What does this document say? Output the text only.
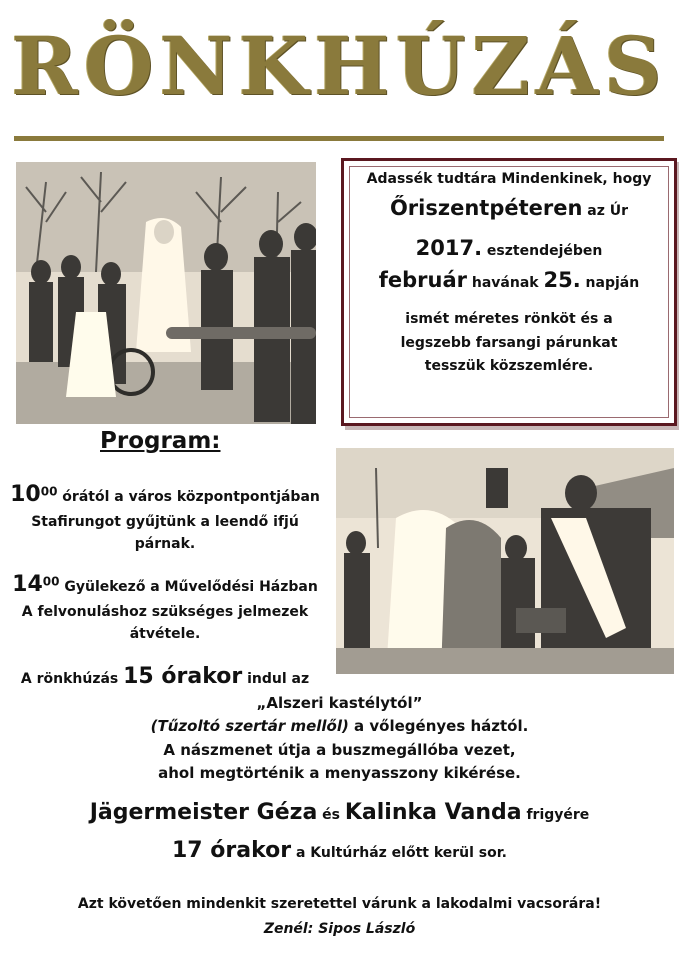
RÖNKHÚZÁS
Adassék tudtára Mindenkinek, hogy
Őriszentpéteren az Úr
2017. esztendejében
február havának 25. napján
ismét méretes rönköt és a
legszebb farsangi párunkat
tesszük közszemlére.
Program:
$10^{00}$ órától a város központpontjában
Stafirungot gyűjtünk a leendő ifjú
párnak.
$14^{00}$ Gyülekező a Művelődési Házban
A felvonuláshoz szükséges jelmezek
átvétele.
A rönkhúzás 15 órakor indul az
„Alszeri kastélytól”
(Tűzoltó szertár mellől) a vőlegényes háztól.
A nászmenet útja a buszmegállóba vezet,
ahol megtörténik a menyasszony kikérése.
Jägermeister Géza és Kalinka Vanda frigyére
17 órakor a Kultúrház előtt kerül sor.
Azt követően mindenkit szeretettel várunk a lakodalmi vacsorára!
Zenél: Sipos László
